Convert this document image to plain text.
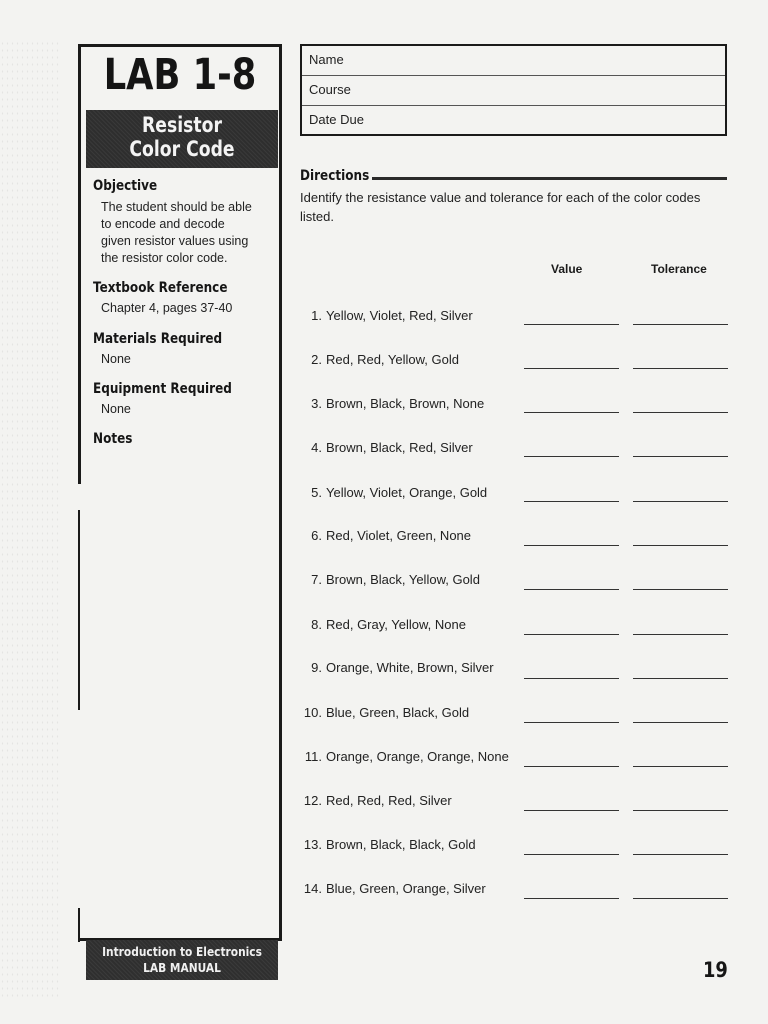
LAB 1-8
Resistor
Color Code
Objective
The student should be able
to encode and decode
given resistor values using
the resistor color code.
Textbook Reference
Chapter 4, pages 37-40
Materials Required
None
Equipment Required
None
Notes
Introduction to Electronics
LAB MANUAL
Name
Course
Date Due
Directions
Identify the resistance value and tolerance for each of the color codes listed.
Value	Tolerance
1. Yellow, Violet, Red, Silver
2. Red, Red, Yellow, Gold
3. Brown, Black, Brown, None
4. Brown, Black, Red, Silver
5. Yellow, Violet, Orange, Gold
6. Red, Violet, Green, None
7. Brown, Black, Yellow, Gold
8. Red, Gray, Yellow, None
9. Orange, White, Brown, Silver
10. Blue, Green, Black, Gold
11. Orange, Orange, Orange, None
12. Red, Red, Red, Silver
13. Brown, Black, Black, Gold
14. Blue, Green, Orange, Silver
19
